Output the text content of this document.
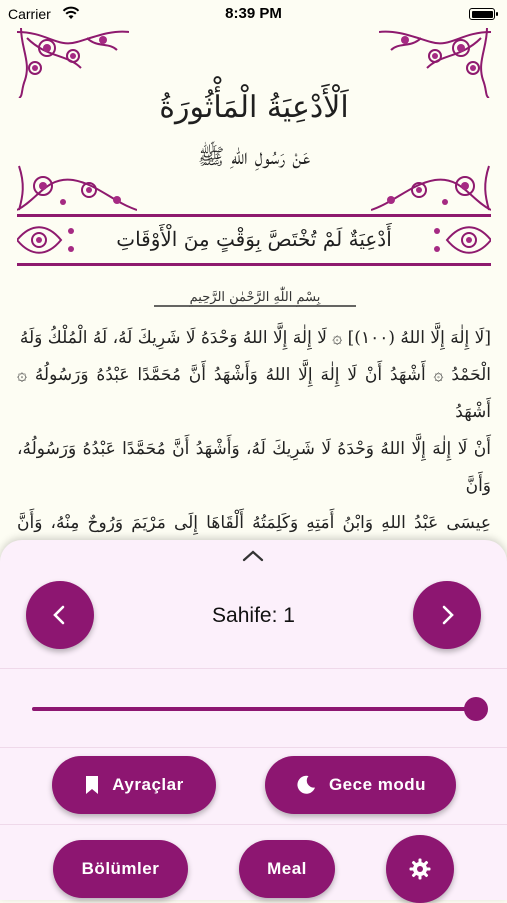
Carrier	8:39 PM
اَلْأَدْعِيَةُ الْمَأْثُورَةُ
عَنْ رَسُولِ اللهِ ﷺ
أَدْعِيَةٌ لَمْ تُخْتَصَّ بِوَقْتٍ مِنَ الْأَوْقَاتِ
بِسْمِ اللّٰهِ الرَّحْمٰنِ الرَّحِيمِ
[لَا إِلٰهَ إِلَّا اللهُ (١٠٠)] ۞ لَا إِلٰهَ إِلَّا اللهُ وَحْدَهُ لَا شَرِيكَ لَهُ، لَهُ الْمُلْكُ وَلَهُ
الْحَمْدُ ۞ أَشْهَدُ أَنْ لَا إِلٰهَ إِلَّا اللهُ وَأَشْهَدُ أَنَّ مُحَمَّدًا عَبْدُهُ وَرَسُولُهُ ۞ أَشْهَدُ
أَنْ لَا إِلٰهَ إِلَّا اللهُ وَحْدَهُ لَا شَرِيكَ لَهُ، وَأَشْهَدُ أَنَّ مُحَمَّدًا عَبْدُهُ وَرَسُولُهُ، وَأَنَّ
عِيسَى عَبْدُ اللهِ وَابْنُ أَمَتِهِ وَكَلِمَتُهُ أَلْقَاهَا إِلَى مَرْيَمَ وَرُوحٌ مِنْهُ، وَأَنَّ
Sahife: 1
Ayraçlar	Gece modu
Bölümler	Meal
